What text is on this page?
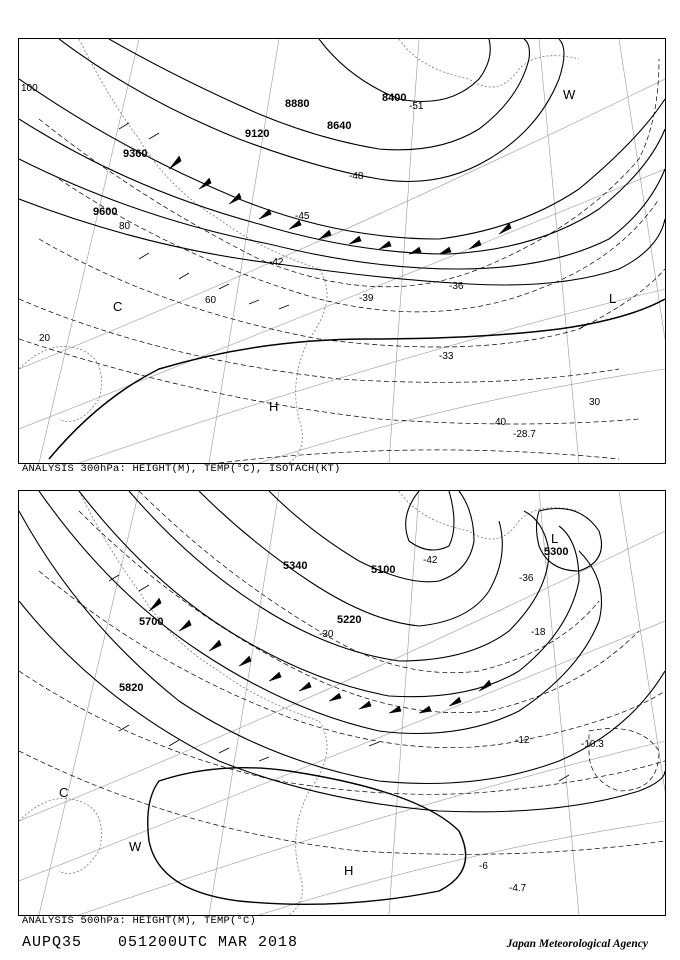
8400
8640
8880
9120
9360
9600
100
80
60
40
20
30
-51
-48
-45
-42
-39
-36
-33
-28.7
C
H
L
W
ANALYSIS 300hPa: HEIGHT(M), TEMP(°C), ISOTACH(KT)
5100
5220
5340
5700
5820
5300
-42
-36
-30	-18
-12
-6
-10.3
-4.7
L
H
C
W
ANALYSIS 500hPa: HEIGHT(M), TEMP(°C)
AUPQ35 051200UTC MAR 2018	Japan Meteorological Agency
